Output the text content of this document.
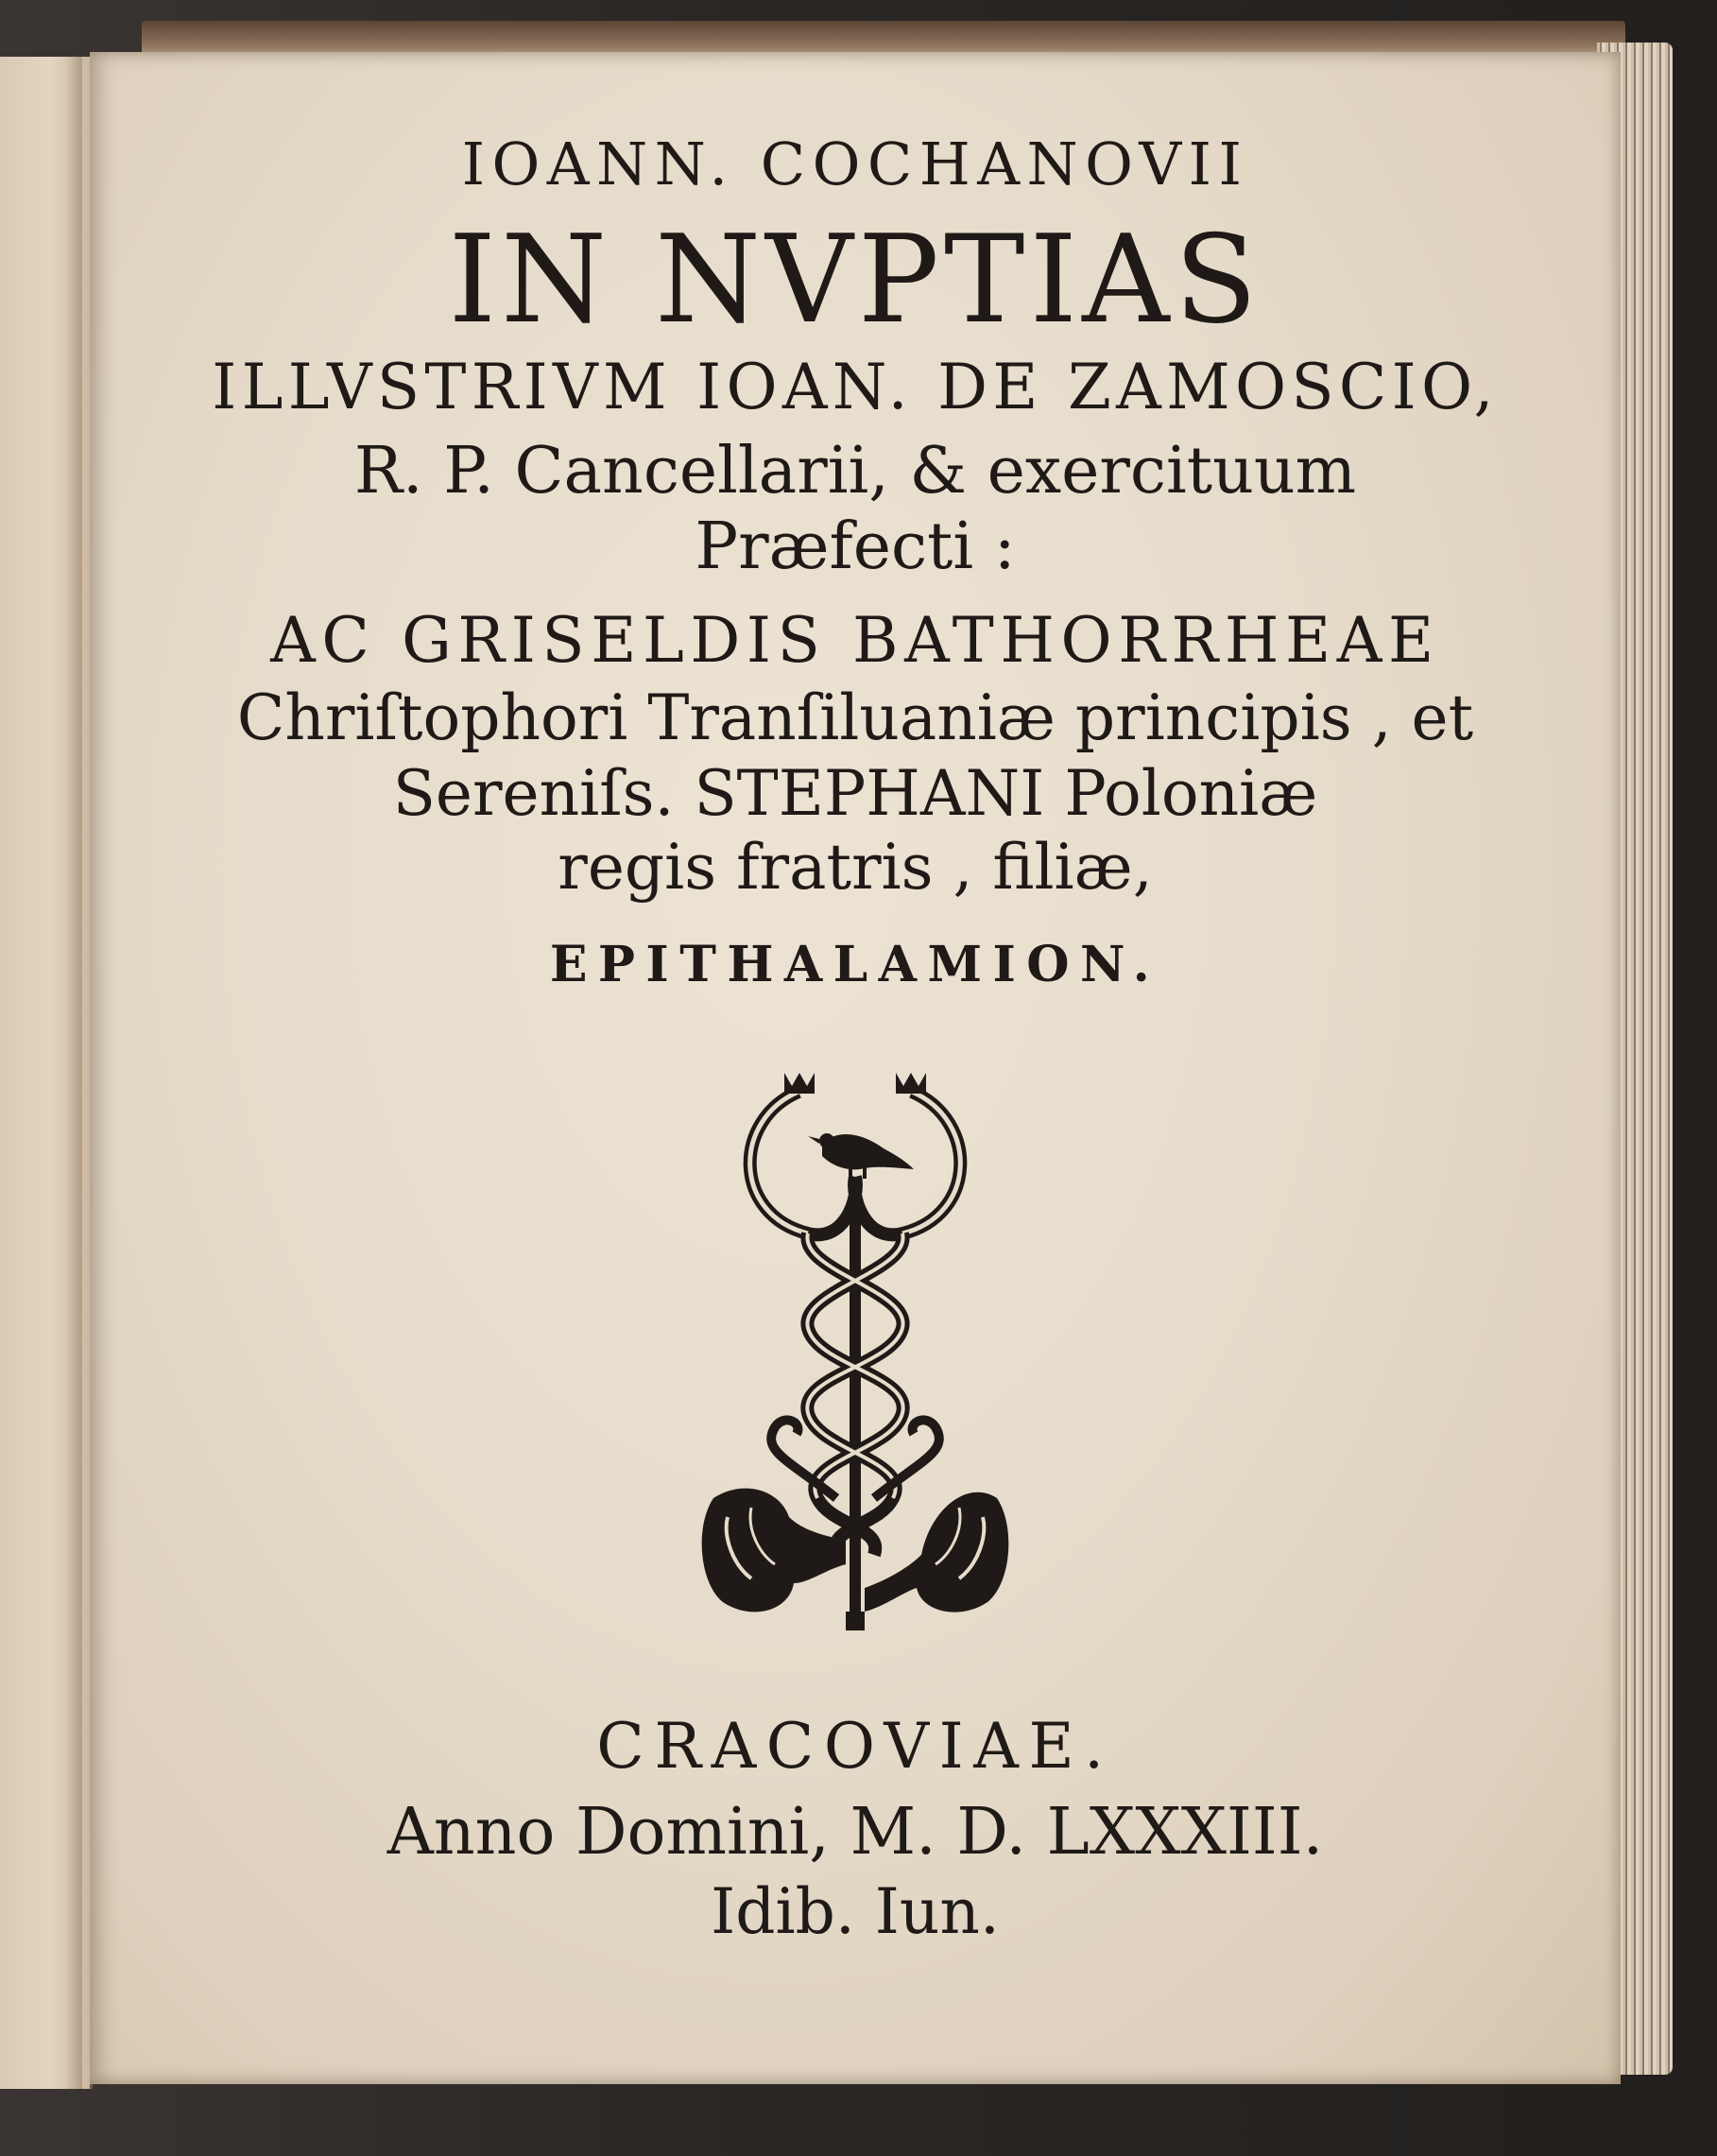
IOANN. COCHANOVII
IN NVPTIAS
ILLVSTRIVM IOAN. DE ZAMOSCIO,
R. P. Cancellarii, & exercituum
Præfecti :
AC GRISELDIS BATHORRHEAE
Chriſtophori Tranſiluaniæ principis , et
Sereniſs. STEPHANI Poloniæ
regis fratris , filiæ,
EPITHALAMION.
CRACOVIAE.
Anno Domini, M. D. LXXXIII.
Idib. Iun.
